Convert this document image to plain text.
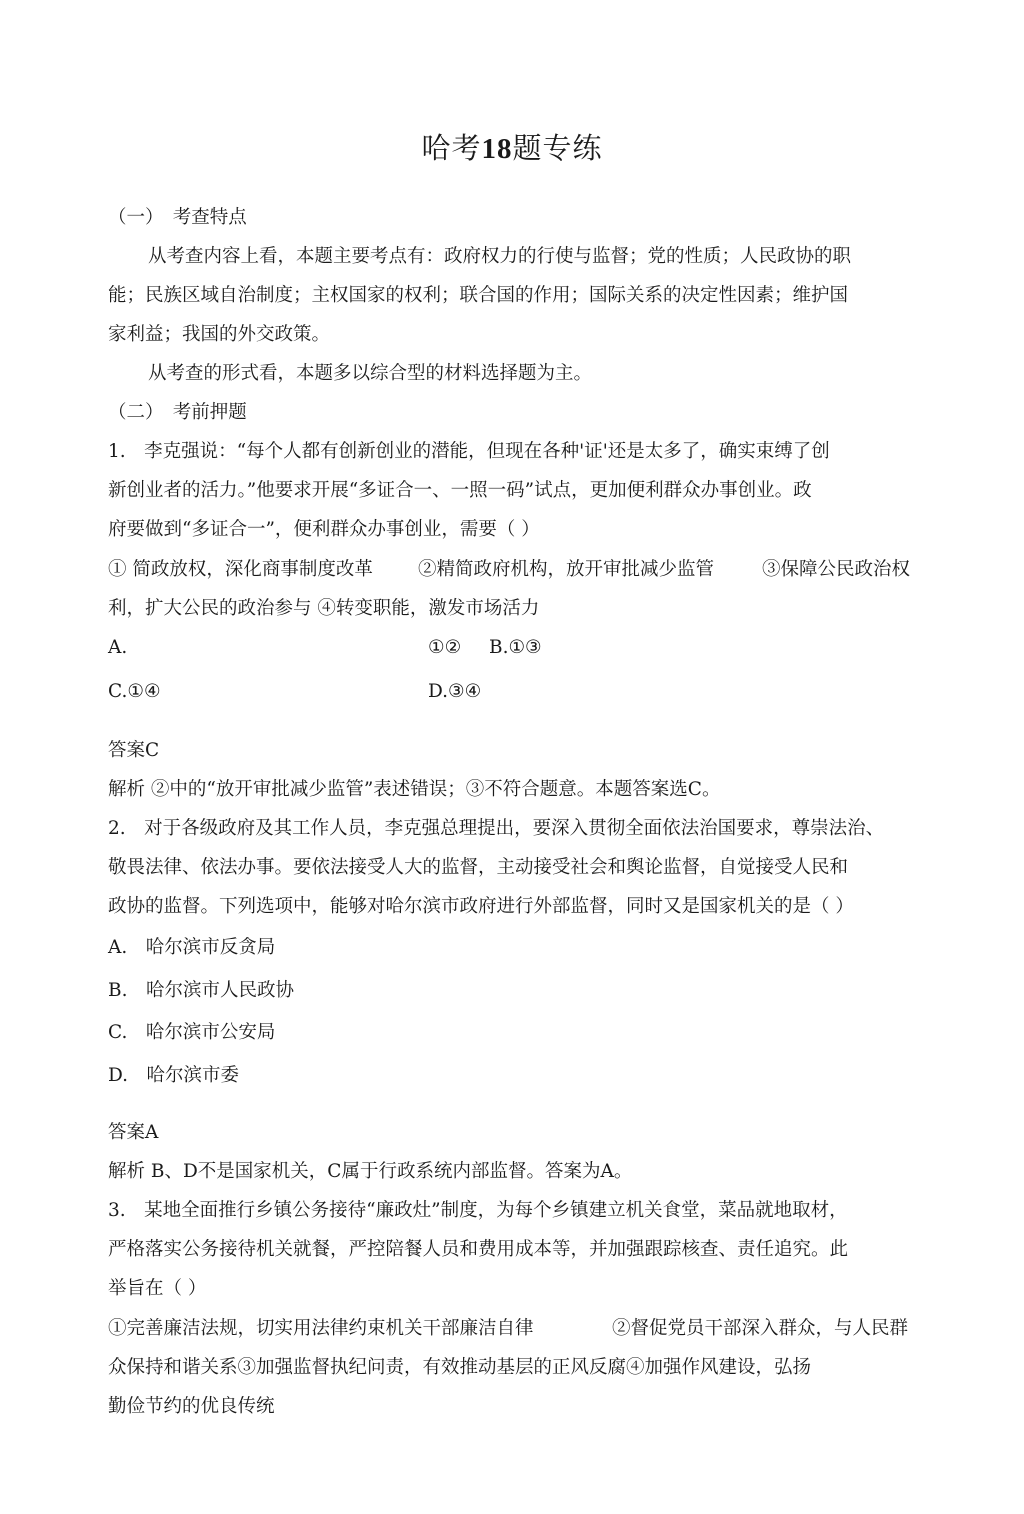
哈考18题专练
（一）　考查特点
从考查内容上看，本题主要考点有：政府权力的行使与监督；党的性质；人民政协的职
能；民族区域自治制度；主权国家的权利；联合国的作用；国际关系的决定性因素；维护国
家利益；我国的外交政策。
从考查的形式看，本题多以综合型的材料选择题为主。
（二）　考前押题
1.　李克强说：“每个人都有创新创业的潜能，但现在各种'证'还是太多了，确实束缚了创
新创业者的活力。”他要求开展“多证合一、一照一码”试点，更加便利群众办事创业。政
府要做到“多证合一”，便利群众办事创业，需要（ ）
① 简政放权，深化商事制度改革 ②精简政府机构，放开审批减少监管	③保障公民政治权
利，扩大公民的政治参与 ④转变职能，激发市场活力
A.	①② B.①③
C.①④	D.③④
答案C
解析 ②中的“放开审批减少监管”表述错误；③不符合题意。本题答案选C。
2.　对于各级政府及其工作人员，李克强总理提出，要深入贯彻全面依法治国要求，尊崇法治、
敬畏法律、依法办事。要依法接受人大的监督，主动接受社会和舆论监督，自觉接受人民和
政协的监督。下列选项中，能够对哈尔滨市政府进行外部监督，同时又是国家机关的是（ ）
A.　哈尔滨市反贪局
B.　哈尔滨市人民政协
C.　哈尔滨市公安局
D.　哈尔滨市委
答案A
解析 B、D不是国家机关，C属于行政系统内部监督。答案为A。
3.　某地全面推行乡镇公务接待“廉政灶”制度，为每个乡镇建立机关食堂，菜品就地取材，
严格落实公务接待机关就餐，严控陪餐人员和费用成本等，并加强跟踪核查、责任追究。此
举旨在（ ）
①完善廉洁法规，切实用法律约束机关干部廉洁自律	②督促党员干部深入群众，与人民群
众保持和谐关系③加强监督执纪问责，有效推动基层的正风反腐④加强作风建设，弘扬
勤俭节约的优良传统
